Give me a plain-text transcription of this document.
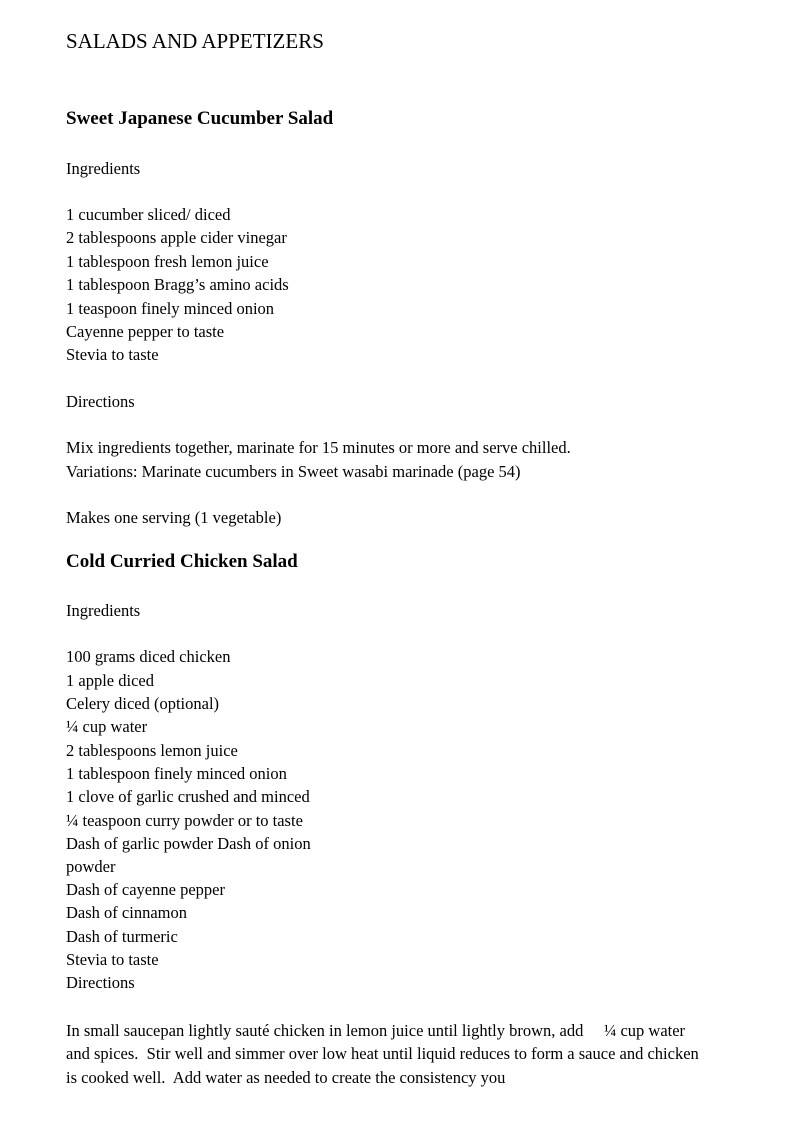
SALADS AND APPETIZERS
Sweet Japanese Cucumber Salad
Ingredients
1 cucumber sliced/ diced
2 tablespoons apple cider vinegar
1 tablespoon fresh lemon juice
1 tablespoon Bragg’s amino acids
1 teaspoon finely minced onion
Cayenne pepper to taste
Stevia to taste
Directions
Mix ingredients together, marinate for 15 minutes or more and serve chilled.
Variations: Marinate cucumbers in Sweet wasabi marinade (page 54)
Makes one serving (1 vegetable)
Cold Curried Chicken Salad
Ingredients
100 grams diced chicken
1 apple diced
Celery diced (optional)
¼ cup water
2 tablespoons lemon juice
1 tablespoon finely minced onion
1 clove of garlic crushed and minced
¼ teaspoon curry powder or to taste
Dash of garlic powder Dash of onion
powder
Dash of cayenne pepper
Dash of cinnamon
Dash of turmeric
Stevia to taste
Directions
In small saucepan lightly sauté chicken in lemon juice until lightly brown, add     ¼ cup water and spices.  Stir well and simmer over low heat until liquid reduces to form a sauce and chicken is cooked well.  Add water as needed to create the consistency you
